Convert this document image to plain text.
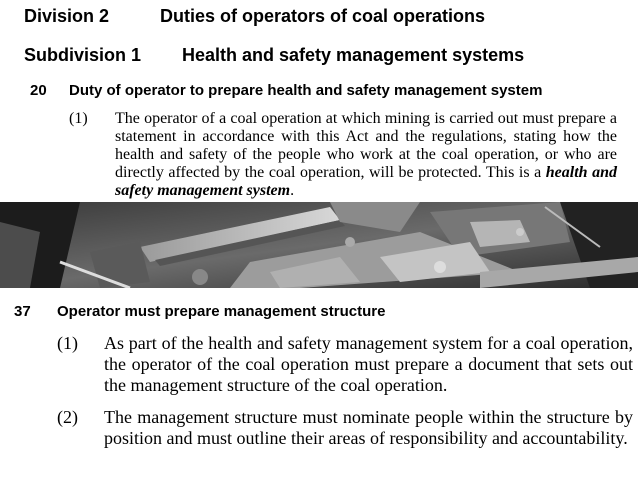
Division 2	Duties of operators of coal operations
Subdivision 1 Health and safety management systems
20 Duty of operator to prepare health and safety management system
(1) The operator of a coal operation at which mining is carried out must prepare a statement in accordance with this Act and the regulations, stating how the health and safety of the people who work at the coal operation, or who are directly affected by the coal operation, will be protected. This is a health and safety management system.
37 Operator must prepare management structure
(1) As part of the health and safety management system for a coal operation, the operator of the coal operation must prepare a document that sets out the management structure of the coal operation.
(2) The management structure must nominate people within the structure by position and must outline their areas of responsibility and accountability.
